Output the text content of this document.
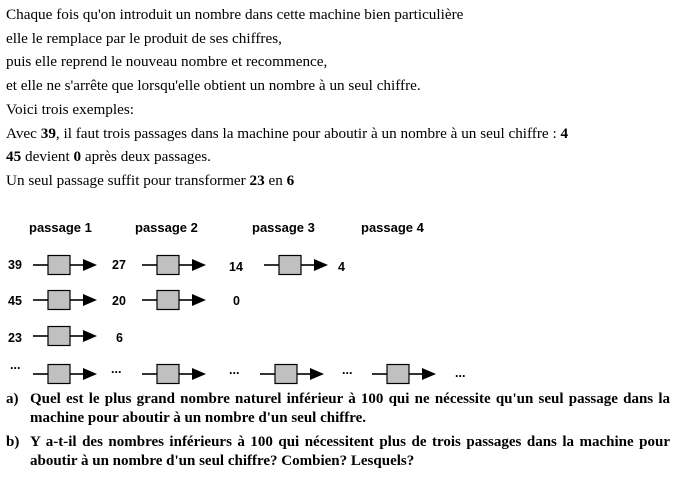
Chaque fois qu'on introduit un nombre dans cette machine bien particulière

elle le remplace par le produit de ses chiffres,

puis elle reprend le nouveau nombre et recommence,

et elle ne s'arrête que lorsqu'elle obtient un nombre à un seul chiffre.

Voici trois exemples:

Avec 39, il faut trois passages dans la machine pour aboutir à un nombre à un seul chiffre : 4

45 devient 0 après deux passages.

Un seul passage suffit pour transformer 23 en 6

passage 1	passage 2	passage 3	passage 4
39	27	14	4
45	20	0
23	6
...	...	...	...	...
a) Quel est le plus grand nombre naturel inférieur à 100 qui ne nécessite qu'un seul passage dans la machine pour aboutir à un nombre d'un seul chiffre.
b) Y a-t-il des nombres inférieurs à 100 qui nécessitent plus de trois passages dans la machine pour aboutir à un nombre d'un seul chiffre? Combien? Lesquels?
